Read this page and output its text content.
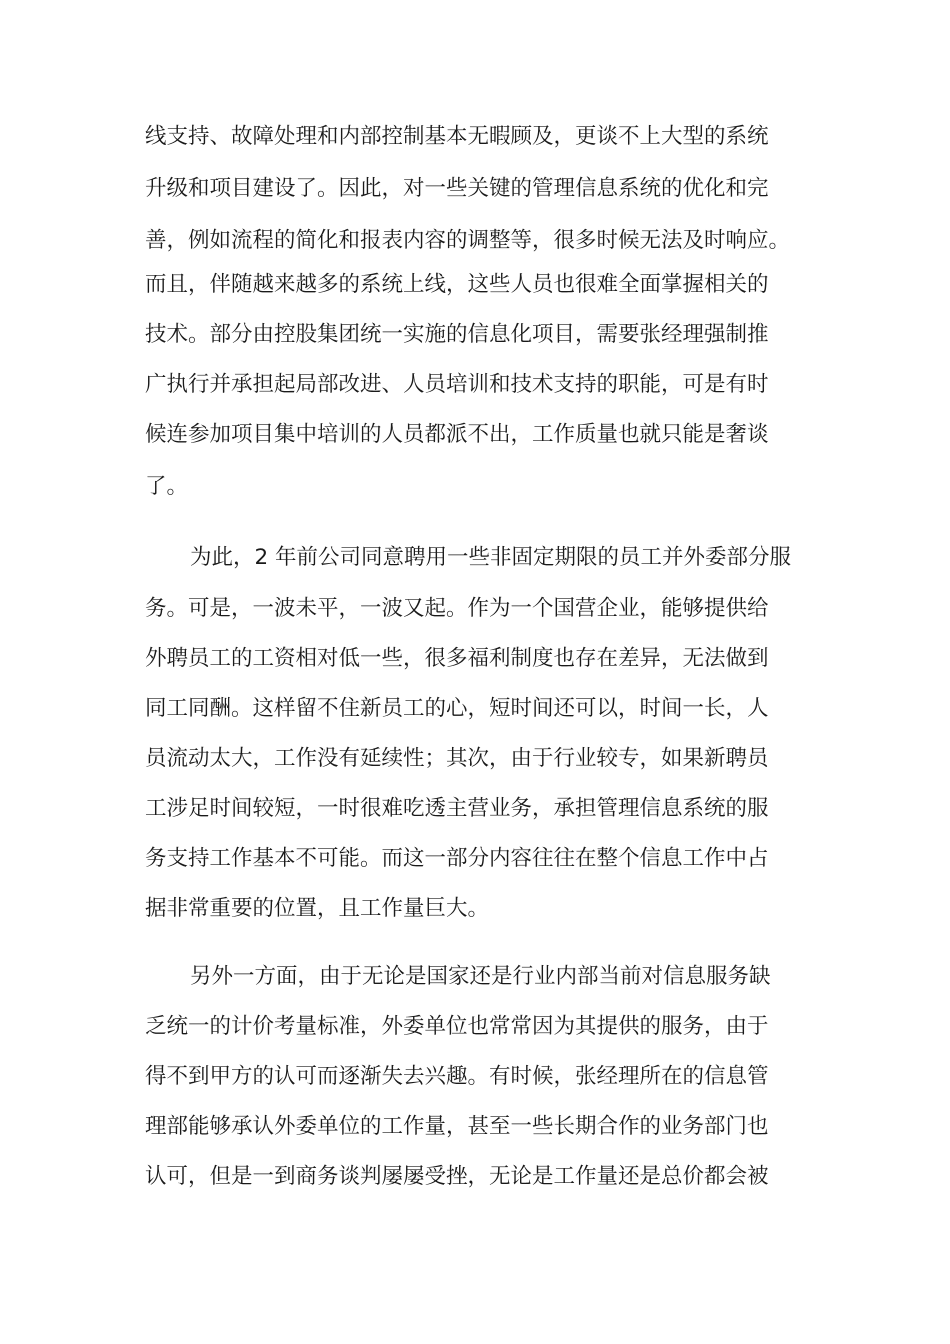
线支持、故障处理和内部控制基本无暇顾及，更谈不上大型的系统
升级和项目建设了。因此，对一些关键的管理信息系统的优化和完
善，例如流程的简化和报表内容的调整等，很多时候无法及时响应。
而且，伴随越来越多的系统上线，这些人员也很难全面掌握相关的
技术。部分由控股集团统一实施的信息化项目，需要张经理强制推
广执行并承担起局部改进、人员培训和技术支持的职能，可是有时
候连参加项目集中培训的人员都派不出，工作质量也就只能是奢谈
了。
为此，2 年前公司同意聘用一些非固定期限的员工并外委部分服
务。可是，一波未平，一波又起。作为一个国营企业，能够提供给
外聘员工的工资相对低一些，很多福利制度也存在差异，无法做到
同工同酬。这样留不住新员工的心，短时间还可以，时间一长，人
员流动太大，工作没有延续性；其次，由于行业较专，如果新聘员
工涉足时间较短，一时很难吃透主营业务，承担管理信息系统的服
务支持工作基本不可能。而这一部分内容往往在整个信息工作中占
据非常重要的位置，且工作量巨大。
另外一方面，由于无论是国家还是行业内部当前对信息服务缺
乏统一的计价考量标准，外委单位也常常因为其提供的服务，由于
得不到甲方的认可而逐渐失去兴趣。有时候，张经理所在的信息管
理部能够承认外委单位的工作量，甚至一些长期合作的业务部门也
认可，但是一到商务谈判屡屡受挫，无论是工作量还是总价都会被
